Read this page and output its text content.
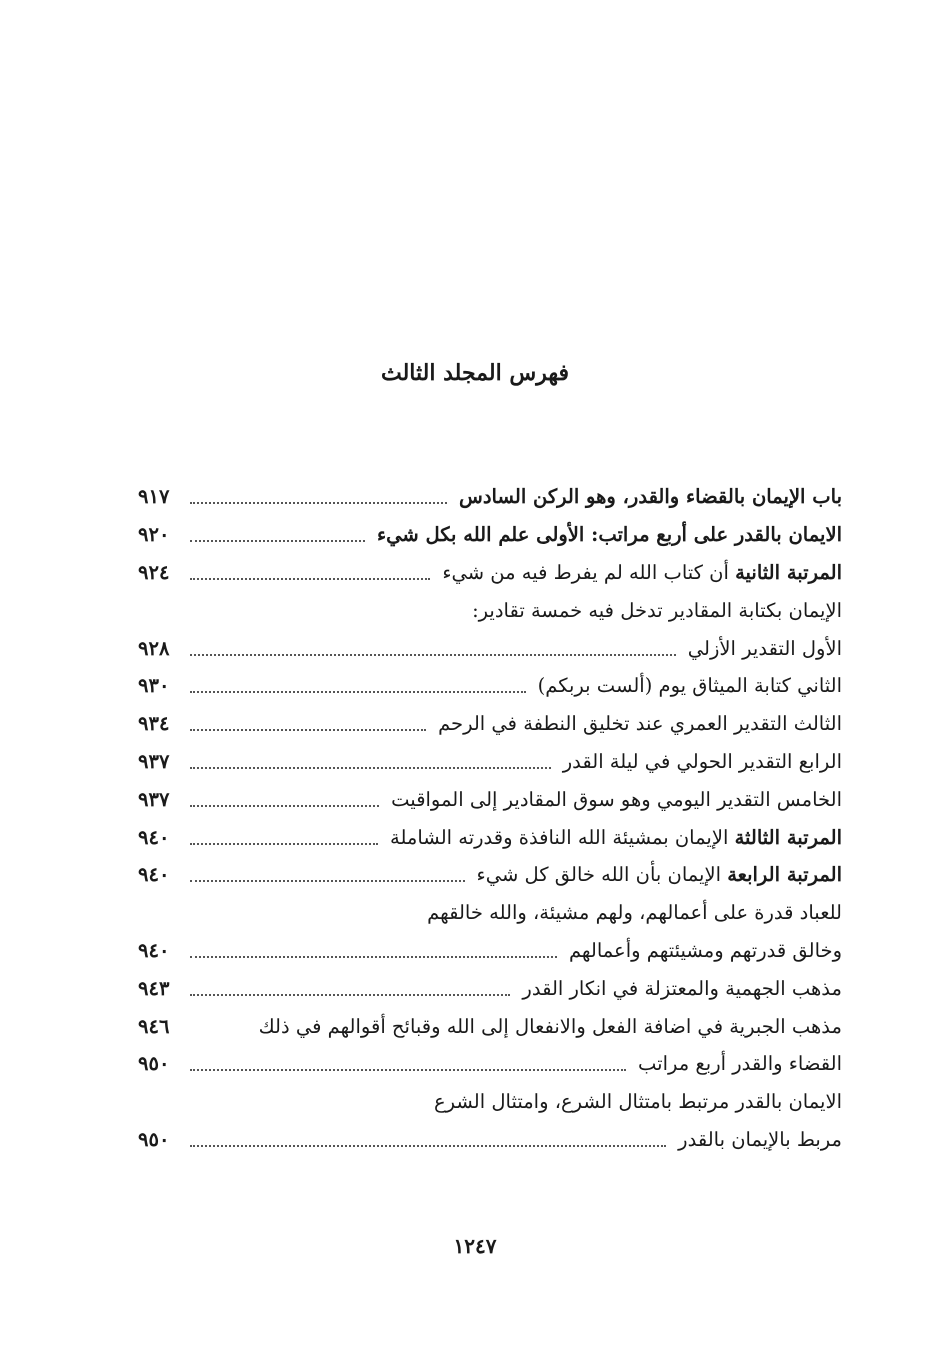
فهرس المجلد الثالث
باب الإيمان بالقضاء والقدر، وهو الركن السادس
٩١٧
الايمان بالقدر على أربع مراتب: الأولى علم الله بكل شيء
٩٢٠
المرتبة الثانية أن كتاب الله لم يفرط فيه من شيء
٩٢٤
الإيمان بكتابة المقادير تدخل فيه خمسة تقادير:
الأول التقدير الأزلي
٩٢٨
الثاني كتابة الميثاق يوم (ألست بربكم)
٩٣٠
الثالث التقدير العمري عند تخليق النطفة في الرحم
٩٣٤
الرابع التقدير الحولي في ليلة القدر
٩٣٧
الخامس التقدير اليومي وهو سوق المقادير إلى المواقيت
٩٣٧
المرتبة الثالثة الإيمان بمشيئة الله النافذة وقدرته الشاملة
٩٤٠
المرتبة الرابعة الإيمان بأن الله خالق كل شيء
٩٤٠
للعباد قدرة على أعمالهم، ولهم مشيئة، والله خالقهم
وخالق قدرتهم ومشيئتهم وأعمالهم
٩٤٠
مذهب الجهمية والمعتزلة في انكار القدر
٩٤٣
مذهب الجبرية في اضافة الفعل والانفعال إلى الله وقبائح أقوالهم في ذلك
٩٤٦
القضاء والقدر أربع مراتب
٩٥٠
الايمان بالقدر مرتبط بامتثال الشرع، وامتثال الشرع
مربط بالإيمان بالقدر
٩٥٠
١٢٤٧
